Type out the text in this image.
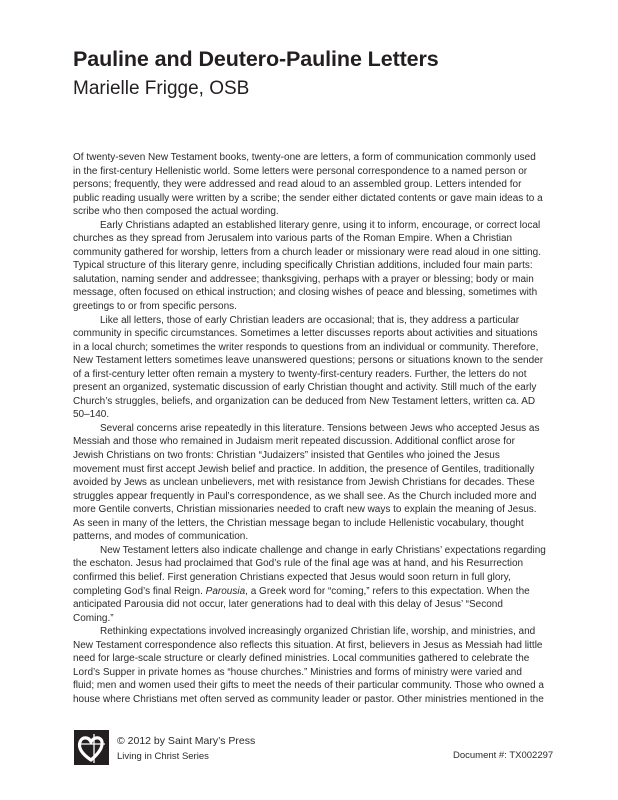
Pauline and Deutero-Pauline Letters
Marielle Frigge, OSB

Of twenty-seven New Testament books, twenty-one are letters, a form of communication commonly used
in the first-century Hellenistic world. Some letters were personal correspondence to a named person or
persons; frequently, they were addressed and read aloud to an assembled group. Letters intended for
public reading usually were written by a scribe; the sender either dictated contents or gave main ideas to a
scribe who then composed the actual wording.

Early Christians adapted an established literary genre, using it to inform, encourage, or correct local
churches as they spread from Jerusalem into various parts of the Roman Empire. When a Christian
community gathered for worship, letters from a church leader or missionary were read aloud in one sitting.
Typical structure of this literary genre, including specifically Christian additions, included four main parts:
salutation, naming sender and addressee; thanksgiving, perhaps with a prayer or blessing; body or main
message, often focused on ethical instruction; and closing wishes of peace and blessing, sometimes with
greetings to or from specific persons.

Like all letters, those of early Christian leaders are occasional; that is, they address a particular
community in specific circumstances. Sometimes a letter discusses reports about activities and situations
in a local church; sometimes the writer responds to questions from an individual or community. Therefore,
New Testament letters sometimes leave unanswered questions; persons or situations known to the sender
of a first-century letter often remain a mystery to twenty-first-century readers. Further, the letters do not
present an organized, systematic discussion of early Christian thought and activity. Still much of the early
Church’s struggles, beliefs, and organization can be deduced from New Testament letters, written ca. AD
50–140.

Several concerns arise repeatedly in this literature. Tensions between Jews who accepted Jesus as
Messiah and those who remained in Judaism merit repeated discussion. Additional conflict arose for
Jewish Christians on two fronts: Christian “Judaizers” insisted that Gentiles who joined the Jesus
movement must first accept Jewish belief and practice. In addition, the presence of Gentiles, traditionally
avoided by Jews as unclean unbelievers, met with resistance from Jewish Christians for decades. These
struggles appear frequently in Paul’s correspondence, as we shall see. As the Church included more and
more Gentile converts, Christian missionaries needed to craft new ways to explain the meaning of Jesus.
As seen in many of the letters, the Christian message began to include Hellenistic vocabulary, thought
patterns, and modes of communication.

New Testament letters also indicate challenge and change in early Christians’ expectations regarding
the eschaton. Jesus had proclaimed that God’s rule of the final age was at hand, and his Resurrection
confirmed this belief. First generation Christians expected that Jesus would soon return in full glory,
completing God’s final Reign. Parousia, a Greek word for “coming,” refers to this expectation. When the
anticipated Parousia did not occur, later generations had to deal with this delay of Jesus’ “Second
Coming.”

Rethinking expectations involved increasingly organized Christian life, worship, and ministries, and
New Testament correspondence also reflects this situation. At first, believers in Jesus as Messiah had little
need for large-scale structure or clearly defined ministries. Local communities gathered to celebrate the
Lord’s Supper in private homes as “house churches.” Ministries and forms of ministry were varied and
fluid; men and women used their gifts to meet the needs of their particular community. Those who owned a
house where Christians met often served as community leader or pastor. Other ministries mentioned in the

© 2012 by Saint Mary’s Press
Living in Christ Series	Document #: TX002297
